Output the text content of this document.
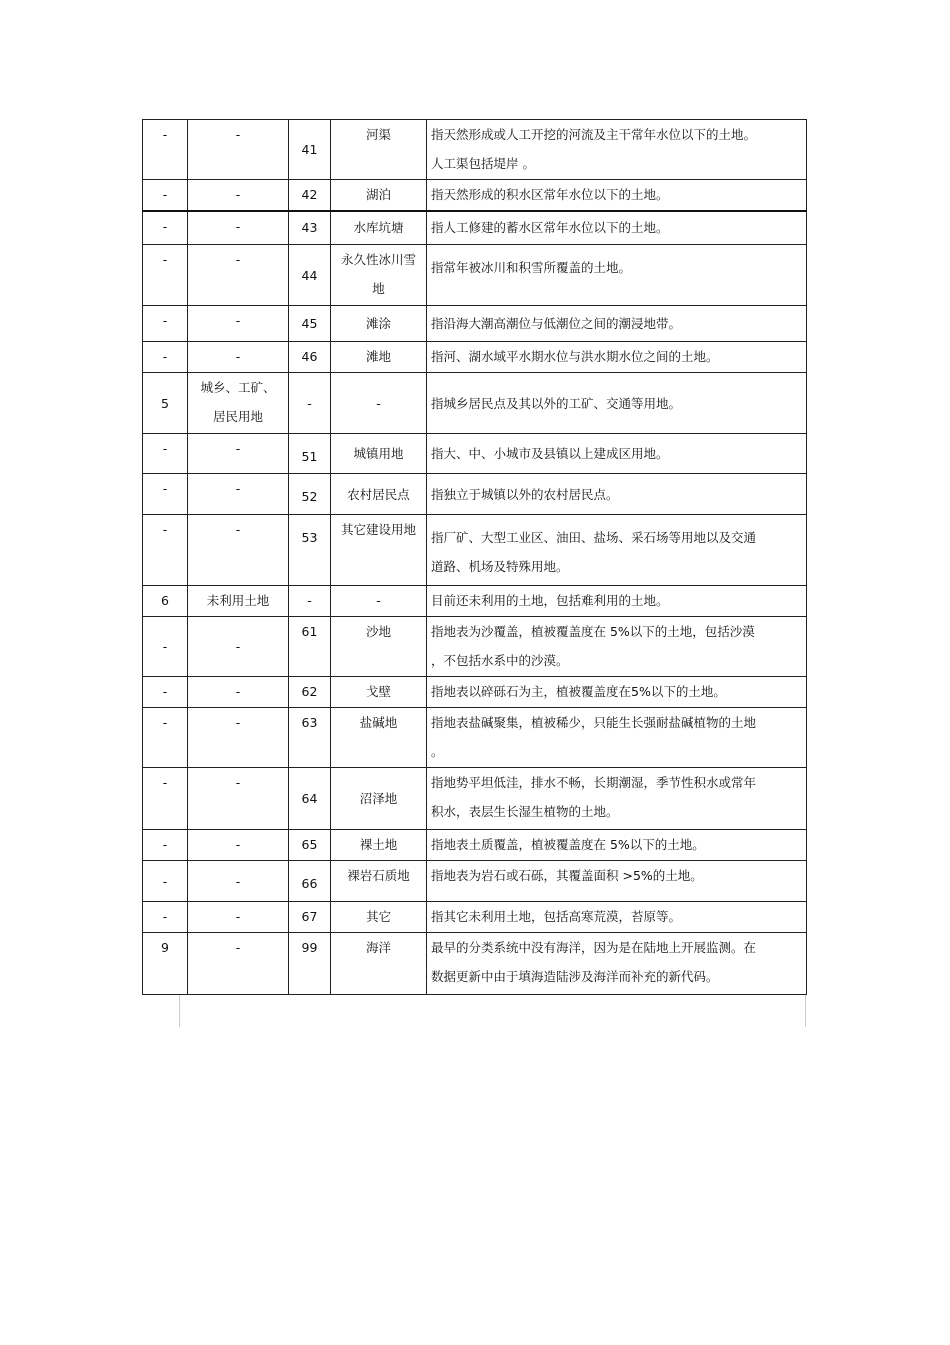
-	-	41	河渠	指天然形成或人工开挖的河流及主干常年水位以下的土地。
人工渠包括堤岸 。
-	-	42	湖泊	指天然形成的积水区常年水位以下的土地。
-	-	43	水库坑塘	指人工修建的蓄水区常年水位以下的土地。
-	-	44	永久性冰川雪
地	指常年被冰川和积雪所覆盖的土地。

-	-	45	滩涂	指沿海大潮高潮位与低潮位之间的潮浸地带。
-	-	46	滩地	指河、湖水域平水期水位与洪水期水位之间的土地。
5	城乡、工矿、
居民用地	-	-	指城乡居民点及其以外的工矿、交通等用地。
-	-	51	城镇用地	指大、中、小城市及县镇以上建成区用地。
-	-	52	农村居民点	指独立于城镇以外的农村居民点。
-	-	53	其它建设用地	指厂矿、大型工业区、油田、盐场、采石场等用地以及交通
道路、机场及特殊用地。

6	未利用土地	-	-	目前还未利用的土地，包括难利用的土地。
-	-	61	沙地	指地表为沙覆盖，植被覆盖度在 5%以下的土地，包括沙漠
，不包括水系中的沙漠。
-	-	62	戈壁	指地表以碎砾石为主，植被覆盖度在5%以下的土地。
-	-	63	盐碱地	指地表盐碱聚集，植被稀少，只能生长强耐盐碱植物的土地
。
-	-	64	沼泽地	指地势平坦低洼，排水不畅，长期潮湿，季节性积水或常年
积水，表层生长湿生植物的土地。
-	-	65	裸土地	指地表土质覆盖，植被覆盖度在 5%以下的土地。
-	-	66	裸岩石质地	指地表为岩石或石砾，其覆盖面积 >5%的土地。
-	-	67	其它	指其它未利用土地，包括高寒荒漠，苔原等。
9	-	99	海洋	最早的分类系统中没有海洋，因为是在陆地上开展监测。在
数据更新中由于填海造陆涉及海洋而补充的新代码。
